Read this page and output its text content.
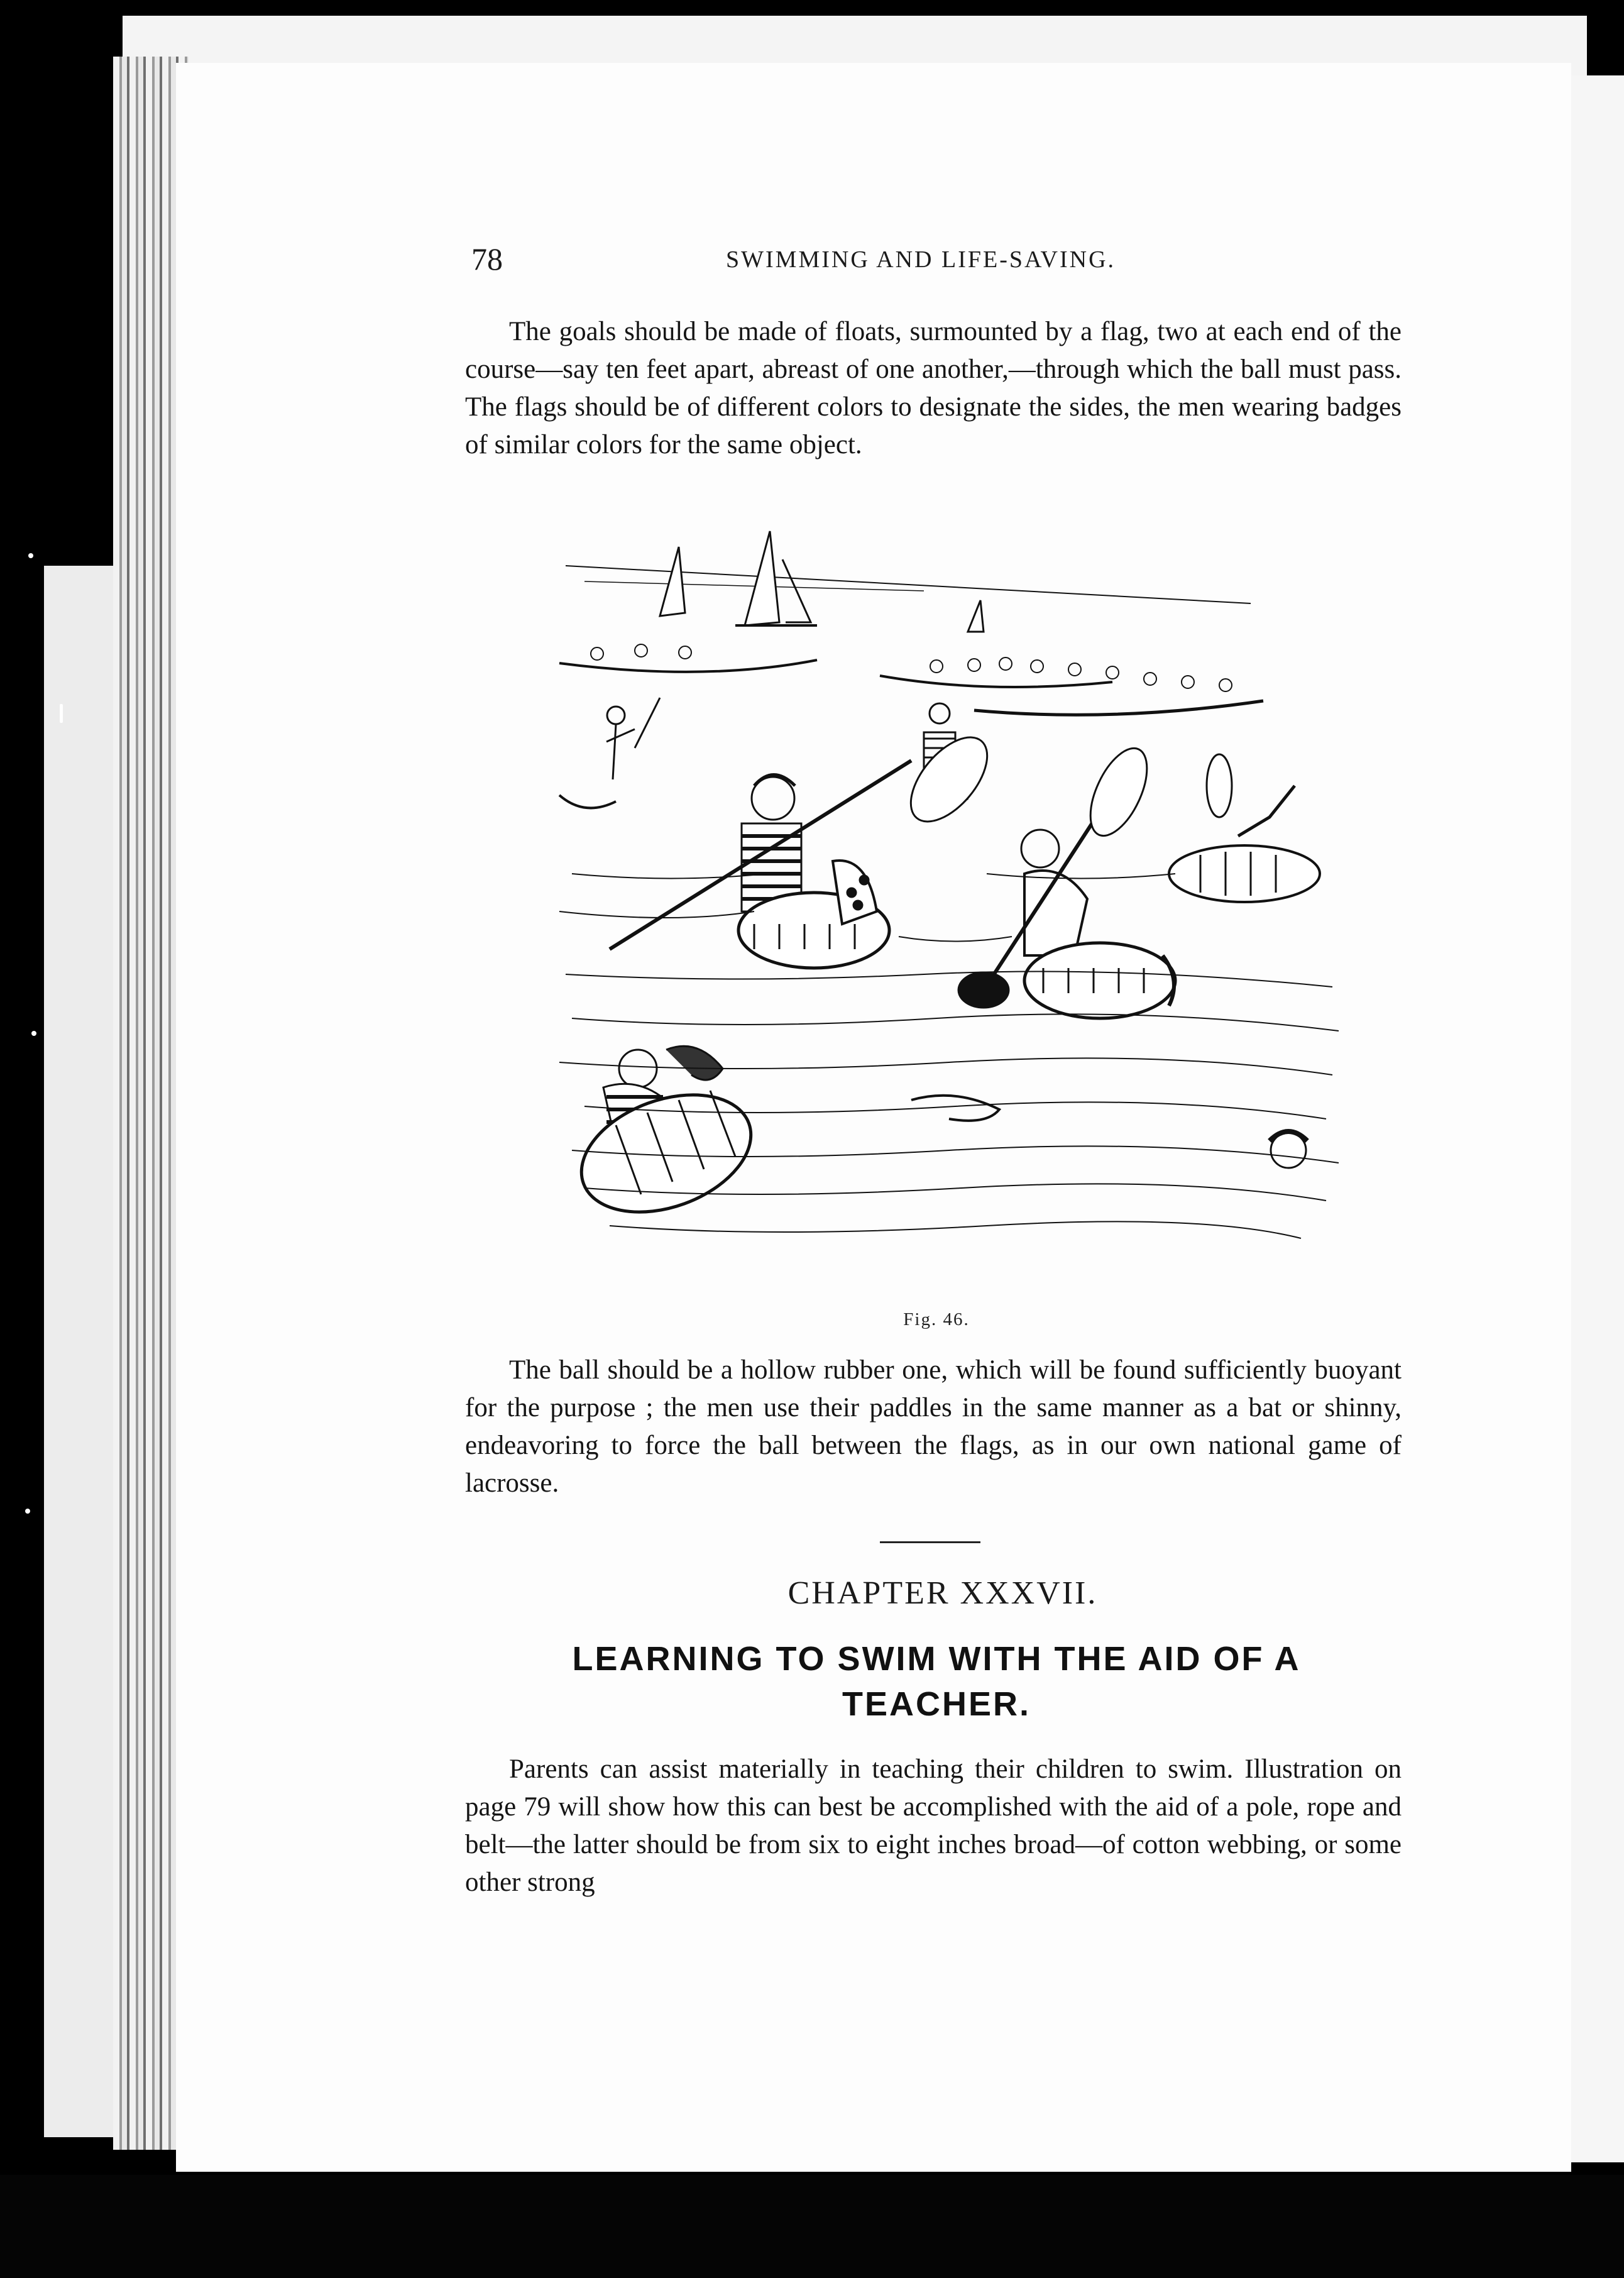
78	SWIMMING AND LIFE-SAVING.

The goals should be made of floats, surmounted by a flag, two at each end of the course—say ten feet apart, abreast of one another,—through which the ball must pass. The flags should be of different colors to designate the sides, the men wearing badges of similar colors for the same object.

Fig. 46.

The ball should be a hollow rubber one, which will be found sufficiently buoyant for the purpose ; the men use their paddles in the same manner as a bat or shinny, endeavoring to force the ball between the flags, as in our own national game of lacrosse.

CHAPTER XXXVII.
LEARNING TO SWIM WITH THE AID OF A TEACHER.

Parents can assist materially in teaching their children to swim. Illustration on page 79 will show how this can best be accomplished with the aid of a pole, rope and belt—the latter should be from six to eight inches broad—of cotton webbing, or some other strong
